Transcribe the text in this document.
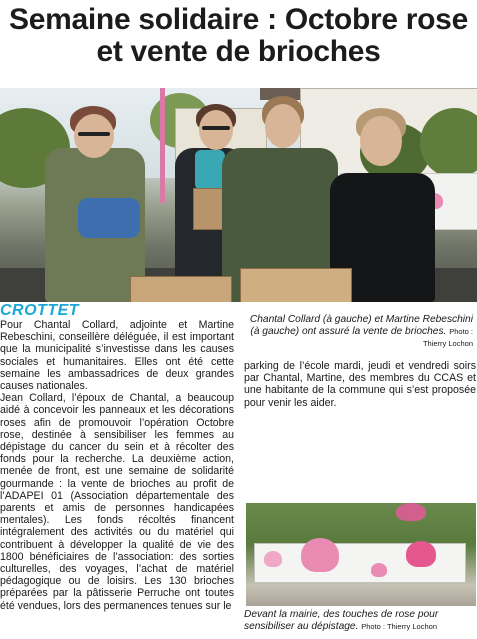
Semaine solidaire : Octobre rose
et vente de brioches
CROTTET
Chantal Collard (à gauche) et Martine Rebeschini (à gauche) ont assuré la vente de brioches. Photo : Thierry Lochon

Pour Chantal Collard, adjointe et Martine Rebeschini, conseillère déléguée, il est important que la municipalité s’investisse dans les causes sociales et humanitaires. Elles ont été cette semaine les ambassadrices de deux grandes causes nationales.

Jean Collard, l’époux de Chantal, a beaucoup aidé à concevoir les panneaux et les décorations roses afin de promouvoir l’opération Octobre rose, destinée à sensibiliser les femmes au dépistage du cancer du sein et à récolter des fonds pour la recherche. La deuxième action, menée de front, est une semaine de solidarité gourmande : la vente de brioches au profit de l’ADAPEI 01 (Association départementale des parents et amis de personnes handicapées mentales). Les fonds récoltés financent intégralement des activités ou du matériel qui contribuent à développer la qualité de vie des 1800 bénéficiaires de l’association: des sorties culturelles, des voyages, l’achat de matériel pédagogique ou de loisirs. Les 130 brioches préparées par la pâtisserie Perruche ont toutes été vendues, lors des permanences tenues sur le

parking de l’école mardi, jeudi et vendredi soirs par Chantal, Martine, des membres du CCAS et une habitante de la commune qui s’est proposée pour venir les aider.

Devant la mairie, des touches de rose pour sensibiliser au dépistage. Photo : Thierry Lochon
